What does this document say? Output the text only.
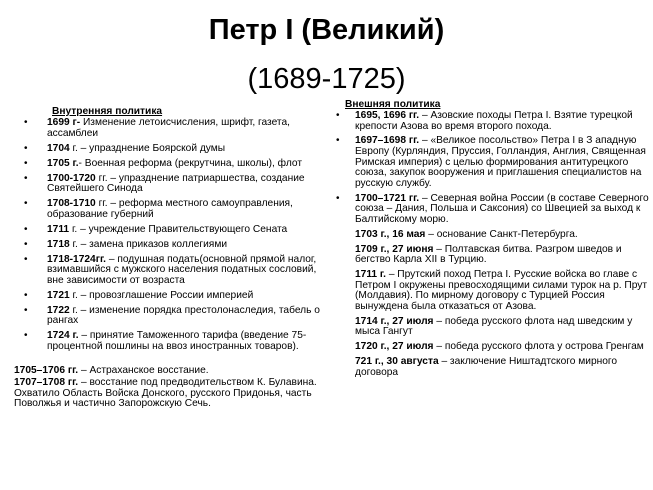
Петр I (Великий)
(1689-1725)
Внутренняя политика
• 1699 г- Изменение летоисчисления, шрифт, газета, ассамблеи
• 1704 г. – упразднение Боярской думы
• 1705 г.- Военная реформа (рекрутчина, школы), флот
• 1700-1720 гг. – упразднение патриаршества, создание Святейшего Синода
• 1708-1710 гг. – реформа местного самоуправления, образование губерний
• 1711 г. – учреждение Правительствующего Сената
• 1718 г. – замена приказов коллегиями
• 1718-1724гг. – подушная подать(основной прямой налог, взимавшийся с мужского населения податных сословий, вне зависимости от возраста
• 1721 г. – провозглашение России империей
• 1722 г. – изменение порядка престолонаследия, табель о рангах
• 1724 г. – принятие Таможенного тарифа (введение 75-процентной пошлины на ввоз иностранных товаров).

1705–1706 гг. – Астраханское восстание.

1707–1708 гг. – восстание под предводительством К. Булавина. Охватило Область Войска Донского, русского Придонья, часть Поволжья и частично Запорожскую Сечь.

Внешняя политика
• 1695, 1696 гг. – Азовские походы Петра I. Взятие турецкой крепости Азова во время второго похода.
• 1697–1698 гг. – «Великое посольство» Петра I в З ападную Европу (Курляндия, Пруссия, Голландия, Англия, Священная Римская империя) с целью формирования антитурецкого союза, закупок вооружения и приглашения специалистов на русскую службу.
• 1700–1721 гг. – Северная война России (в составе Северного союза – Дания, Польша и Саксония) со Швецией за выход к Балтийскому морю.
1703 г., 16 мая – основание Санкт-Петербурга.
1709 г., 27 июня – Полтавская битва. Разгром шведов и бегство Карла XII в Турцию.
1711 г. – Прутский поход Петра I. Русские войска во главе с Петром I окружены превосходящими силами турок на р. Прут (Молдавия). По мирному договору с Турцией Россия вынуждена была отказаться от Азова.
1714 г., 27 июля – победа русского флота над шведским у мыса Гангут
1720 г., 27 июля – победа русского флота у острова Гренгам
721 г., 30 августа – заключение Ништадтского мирного договора
